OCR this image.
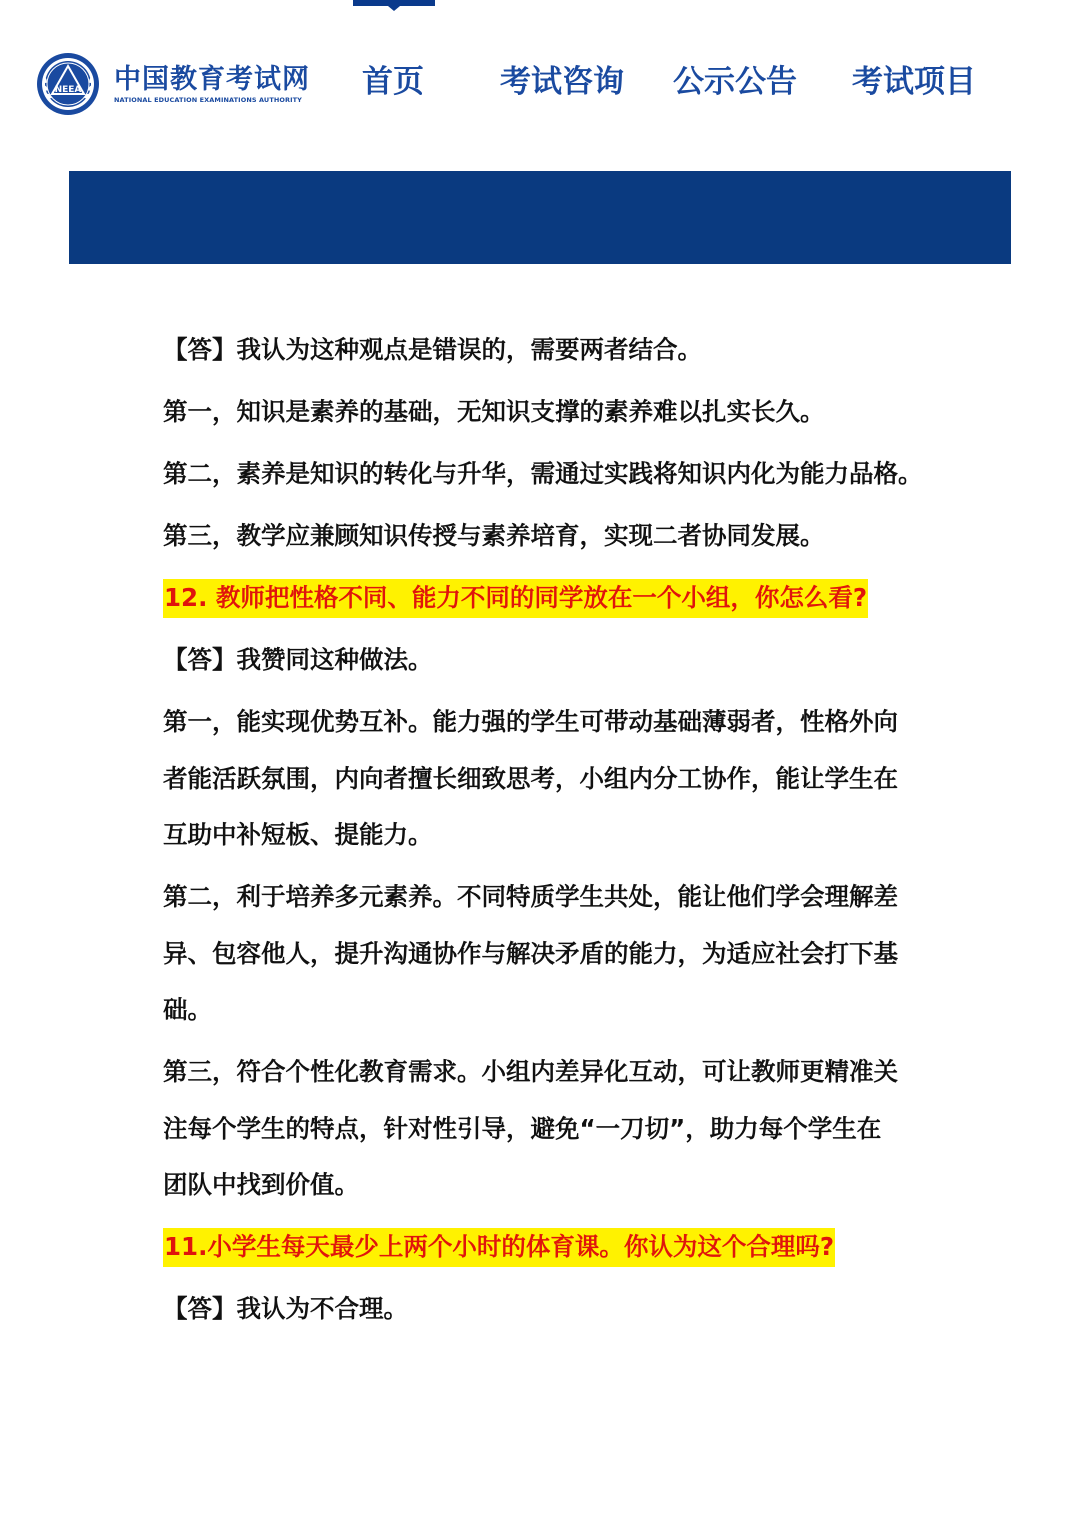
NEEA 中国教育考试网
NATIONAL EDUCATION EXAMINATIONS AUTHORITY 首页 考试咨询 公示公告 考试项目

【答】我认为这种观点是错误的，需要两者结合。

第一，知识是素养的基础，无知识支撑的素养难以扎实长久。

第二，素养是知识的转化与升华，需通过实践将知识内化为能力品格。

第三，教学应兼顾知识传授与素养培育，实现二者协同发展。

12. 教师把性格不同、能力不同的同学放在一个小组，你怎么看?

【答】我赞同这种做法。

第一，能实现优势互补。能力强的学生可带动基础薄弱者，性格外向
者能活跃氛围，内向者擅长细致思考，小组内分工协作，能让学生在
互助中补短板、提能力。
第二，利于培养多元素养。不同特质学生共处，能让他们学会理解差
异、包容他人，提升沟通协作与解决矛盾的能力，为适应社会打下基
础。
第三，符合个性化教育需求。小组内差异化互动，可让教师更精准关
注每个学生的特点，针对性引导，避免“一刀切”，助力每个学生在
团队中找到价值。

11.小学生每天最少上两个小时的体育课。你认为这个合理吗?

【答】我认为不合理。
